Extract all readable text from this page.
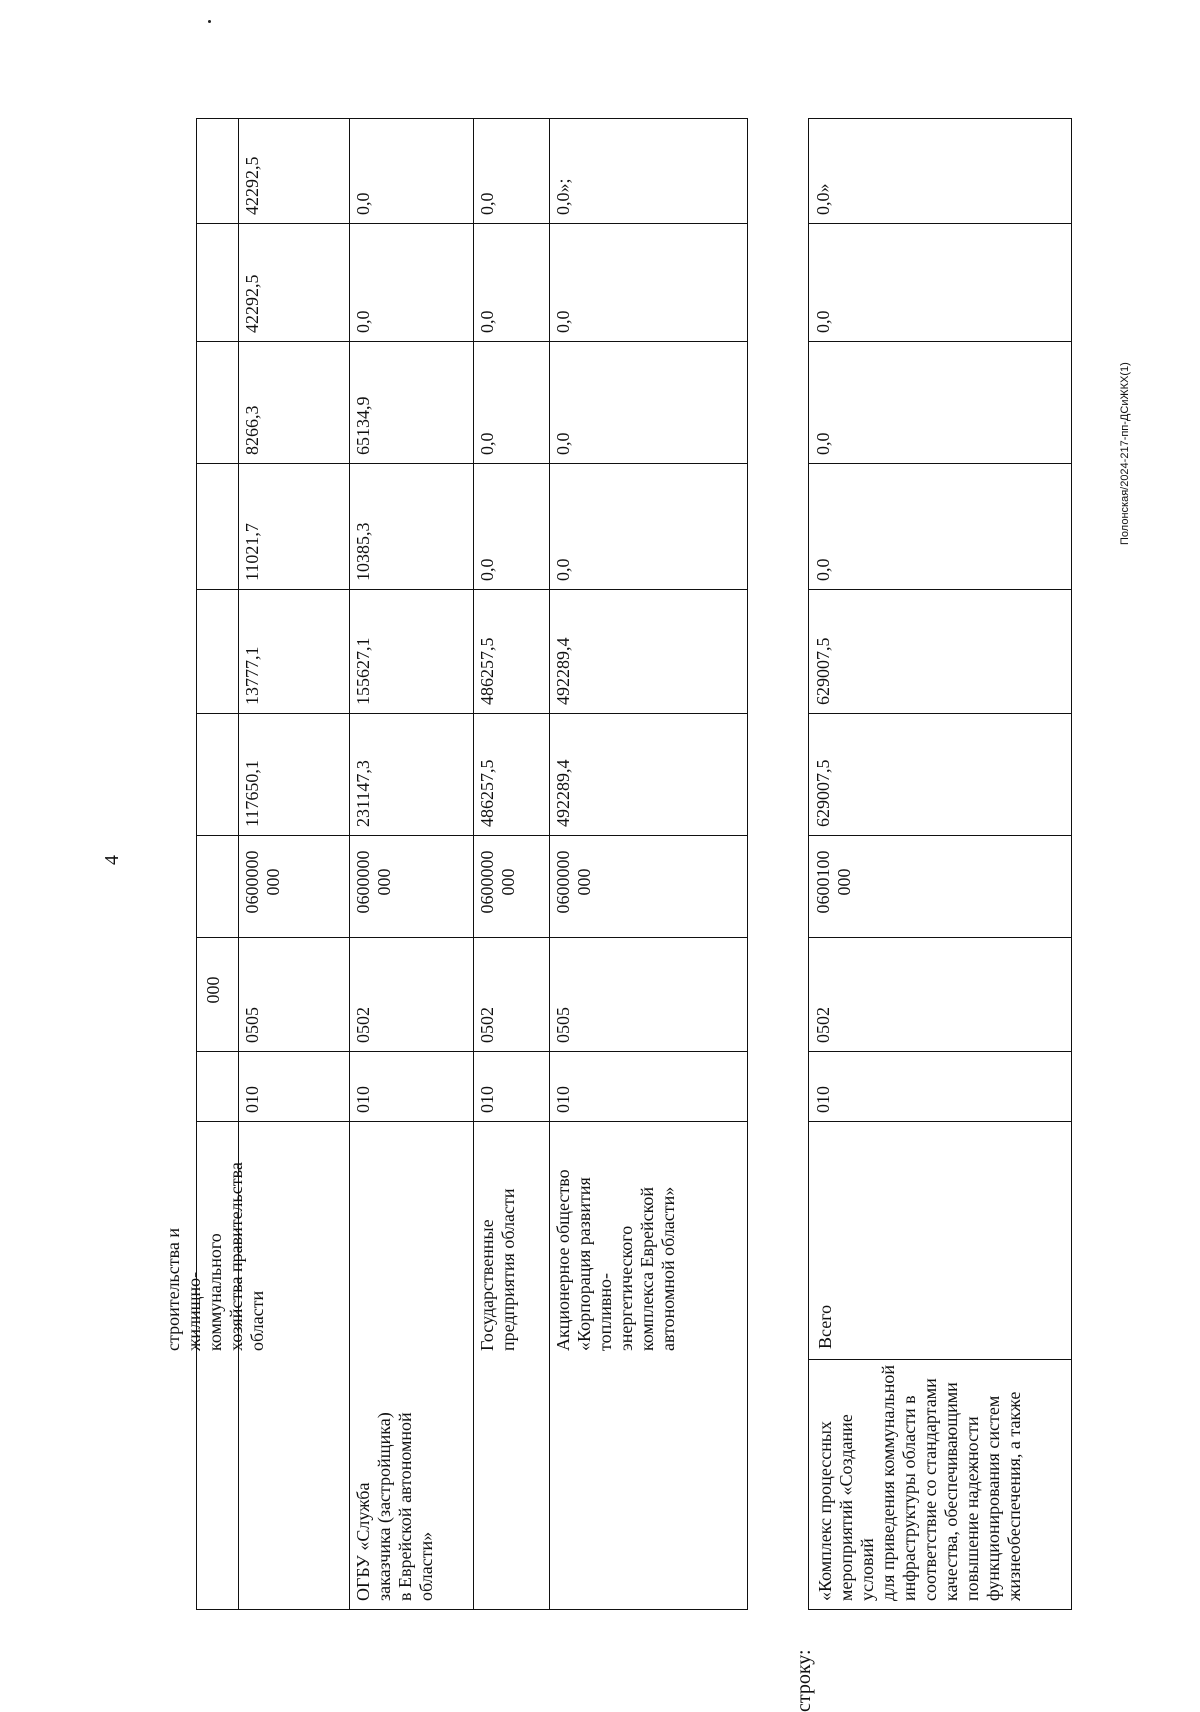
4
000
строительства и
жилищно-
коммунального
хозяйства правительства
области
010
0505
0600000
000
117650,1
13777,1
11021,7
8266,3
42292,5
42292,5
ОГБУ «Служба
заказчика (застройщика)
в Еврейской автономной
области»
010
0502
0600000
000
231147,3
155627,1
10385,3
65134,9
0,0
0,0
Государственные
предприятия области
010
0502
0600000
000
486257,5
486257,5
0,0
0,0
0,0
0,0
Акционерное общество
«Корпорация развития
топливно-
энергетического
комплекса Еврейской
автономной области»
010
0505
0600000
000
492289,4
492289,4
0,0
0,0
0,0
0,0»;
строку:
«Комплекс процессных
мероприятий «Создание условий
для приведения коммунальной
инфраструктуры области в
соответствие со стандартами
качества, обеспечивающими
повышение надежности
функционирования систем
жизнеобеспечения, а также
Всего
010
0502
0600100
000
629007,5
629007,5
0,0
0,0
0,0
0,0»
Полонская/2024-217-пп-ДСиЖКХ(1)
